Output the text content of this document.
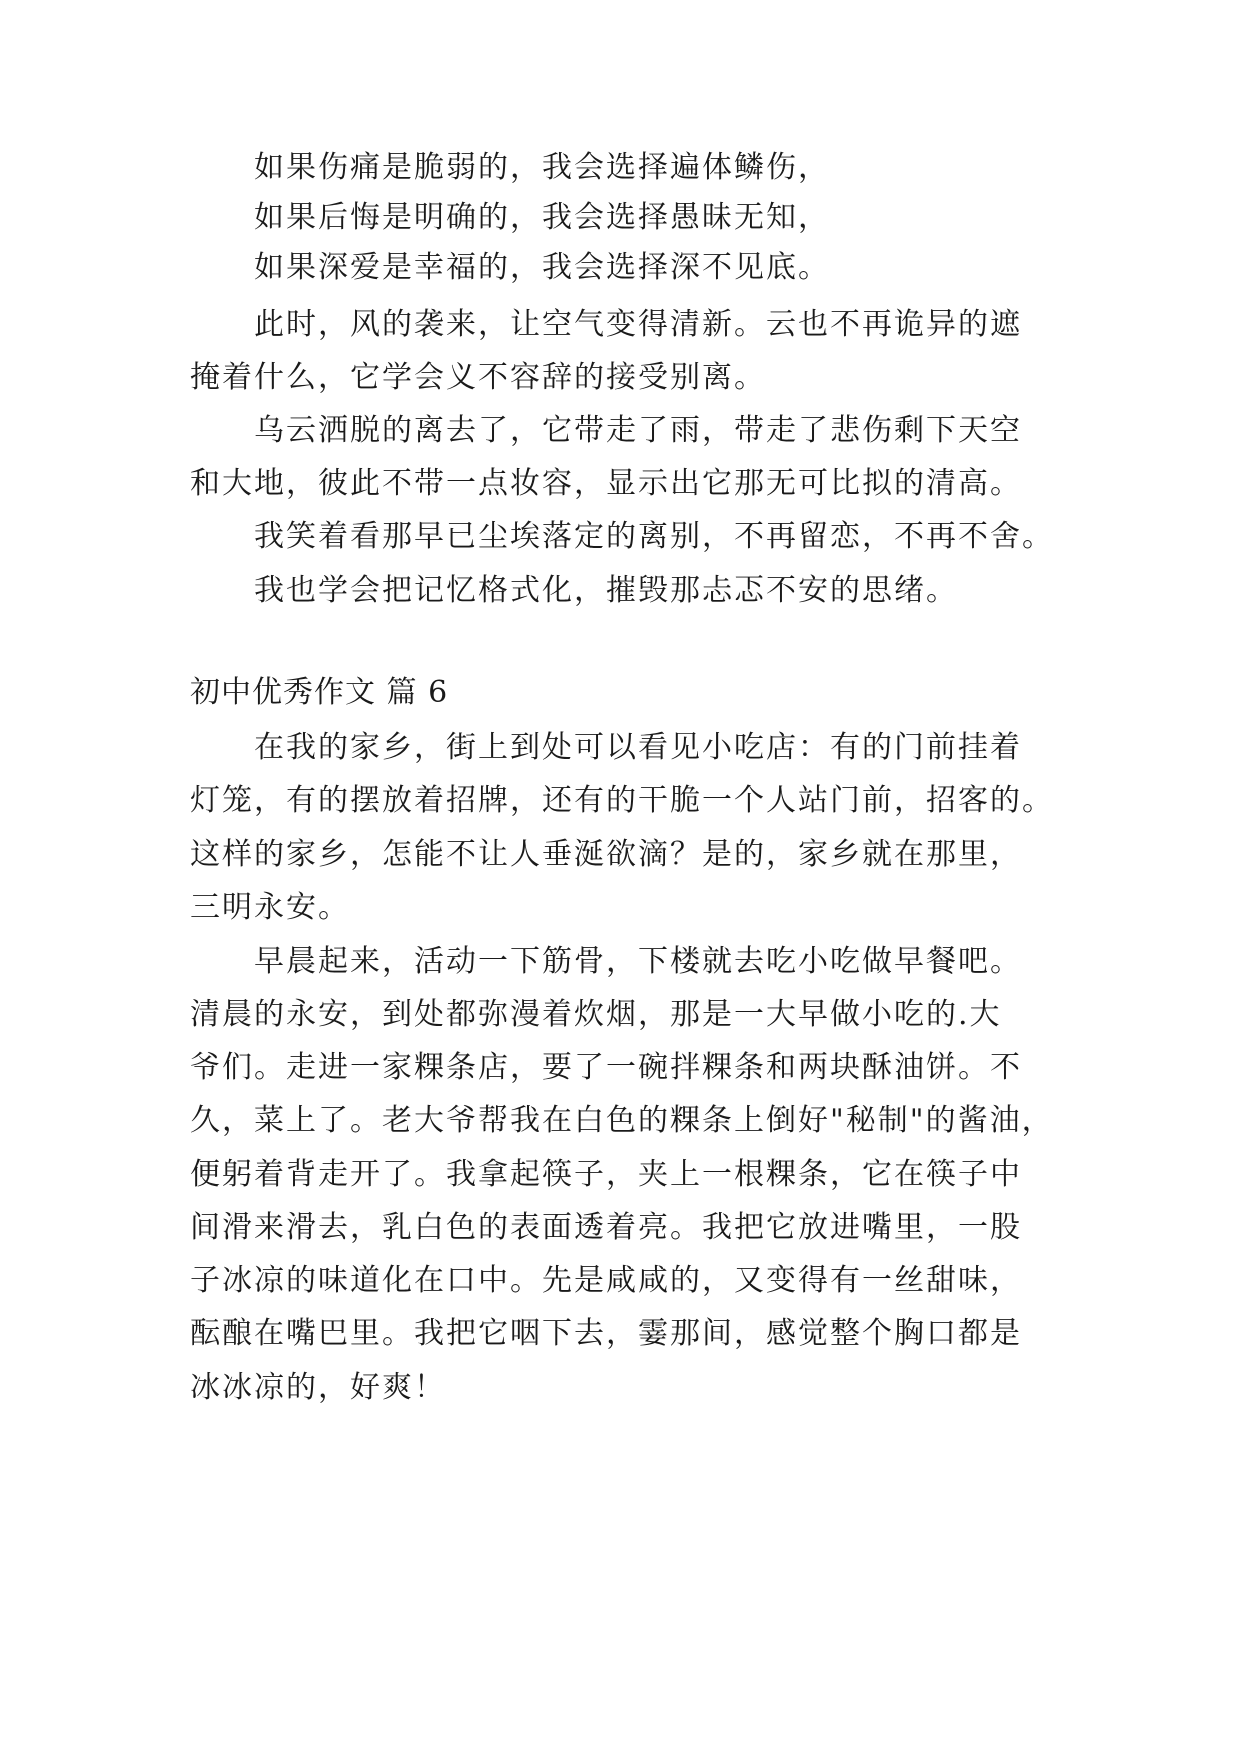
如果伤痛是脆弱的，我会选择遍体鳞伤，

如果后悔是明确的，我会选择愚昧无知，

如果深爱是幸福的，我会选择深不见底。

此时，风的袭来，让空气变得清新。云也不再诡异的遮

掩着什么，它学会义不容辞的接受别离。

乌云洒脱的离去了，它带走了雨，带走了悲伤剩下天空

和大地，彼此不带一点妆容，显示出它那无可比拟的清高。

我笑着看那早已尘埃落定的离别，不再留恋，不再不舍。

我也学会把记忆格式化，摧毁那忐忑不安的思绪。

初中优秀作文 篇 6

在我的家乡，街上到处可以看见小吃店：有的门前挂着

灯笼，有的摆放着招牌，还有的干脆一个人站门前，招客的。

这样的家乡，怎能不让人垂涎欲滴？是的，家乡就在那里，

三明永安。

早晨起来，活动一下筋骨，下楼就去吃小吃做早餐吧。

清晨的永安，到处都弥漫着炊烟，那是一大早做小吃的.大

爷们。走进一家粿条店，要了一碗拌粿条和两块酥油饼。不

久，菜上了。老大爷帮我在白色的粿条上倒好"秘制"的酱油，

便躬着背走开了。我拿起筷子，夹上一根粿条，它在筷子中

间滑来滑去，乳白色的表面透着亮。我把它放进嘴里，一股

子冰凉的味道化在口中。先是咸咸的，又变得有一丝甜味，

酝酿在嘴巴里。我把它咽下去，霎那间，感觉整个胸口都是

冰冰凉的，好爽！
